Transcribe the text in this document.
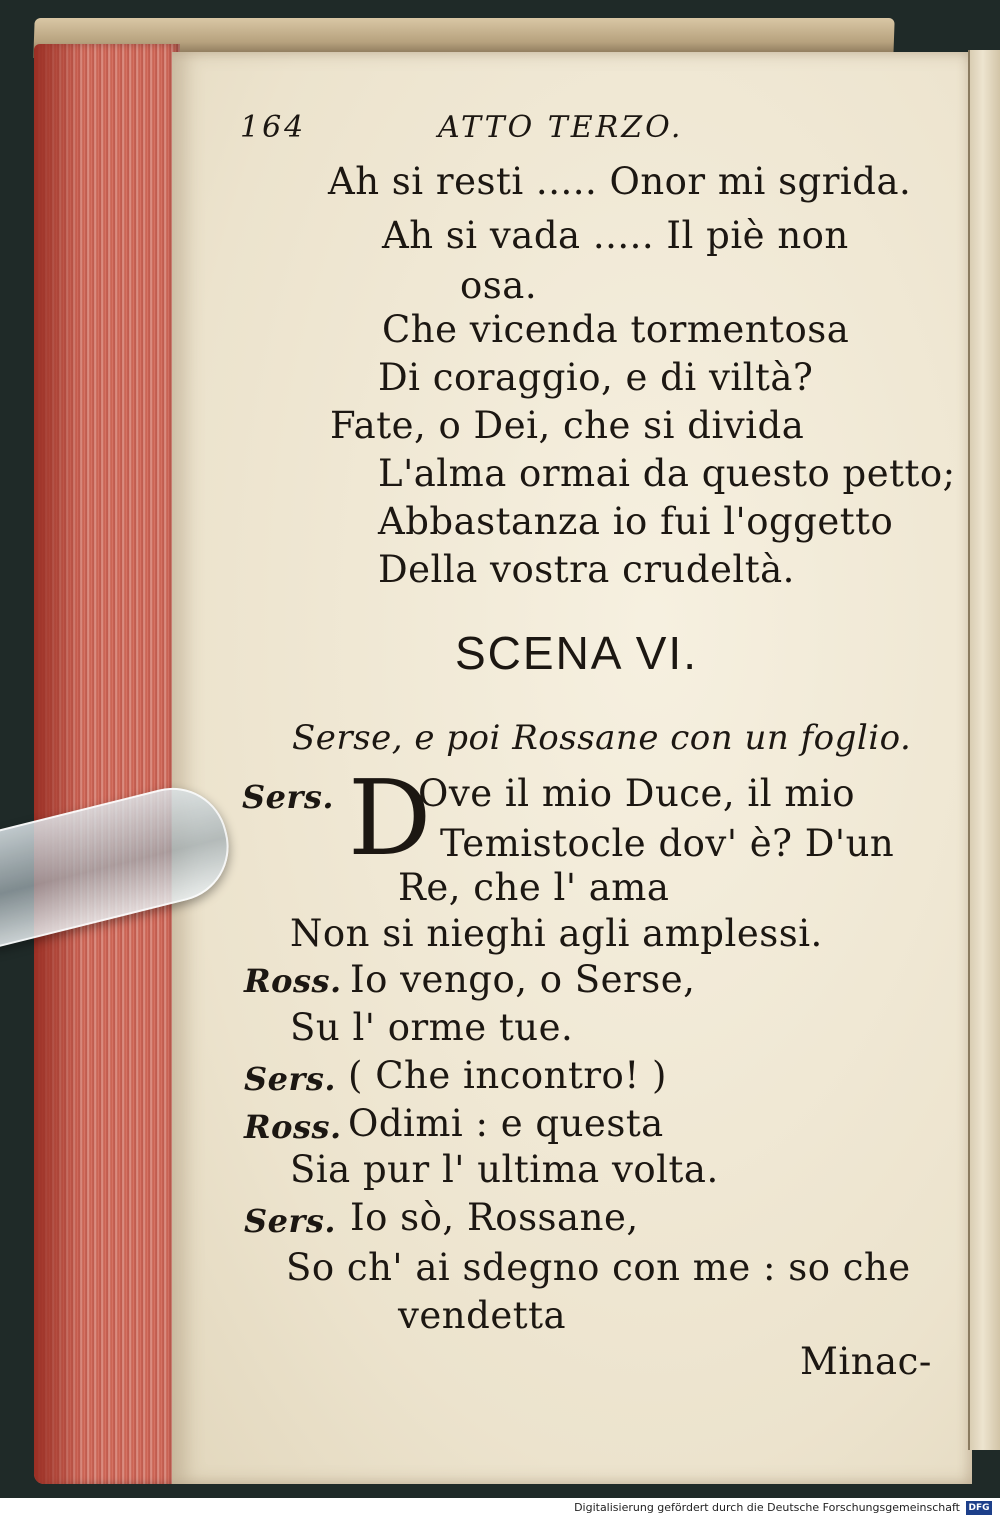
164	ATTO TERZO.
Ah si resti ..... Onor mi sgrida.
Ah si vada ..... Il piè non
osa.
Che vicenda tormentosa
Di coraggio, e di viltà?
Fate, o Dei, che si divida
L'alma ormai da questo petto;
Abbastanza io fui l'oggetto
Della vostra crudeltà.
SCENA VI.
Serse, e poi Rossane con un foglio.
Sers. D
Ove il mio Duce, il mio
Temistocle dov' è? D'un
Re, che l' ama
Non si nieghi agli amplessi.
Ross. Io vengo, o Serse,
Su l' orme tue.
Sers. ( Che incontro! )
Ross. Odimi : e questa
Sia pur l' ultima volta.
Sers. Io sò, Rossane,
So ch' ai sdegno con me : so che
vendetta
Minac-
Digitalisierung gefördert durch die Deutsche Forschungsgemeinschaft DFG
